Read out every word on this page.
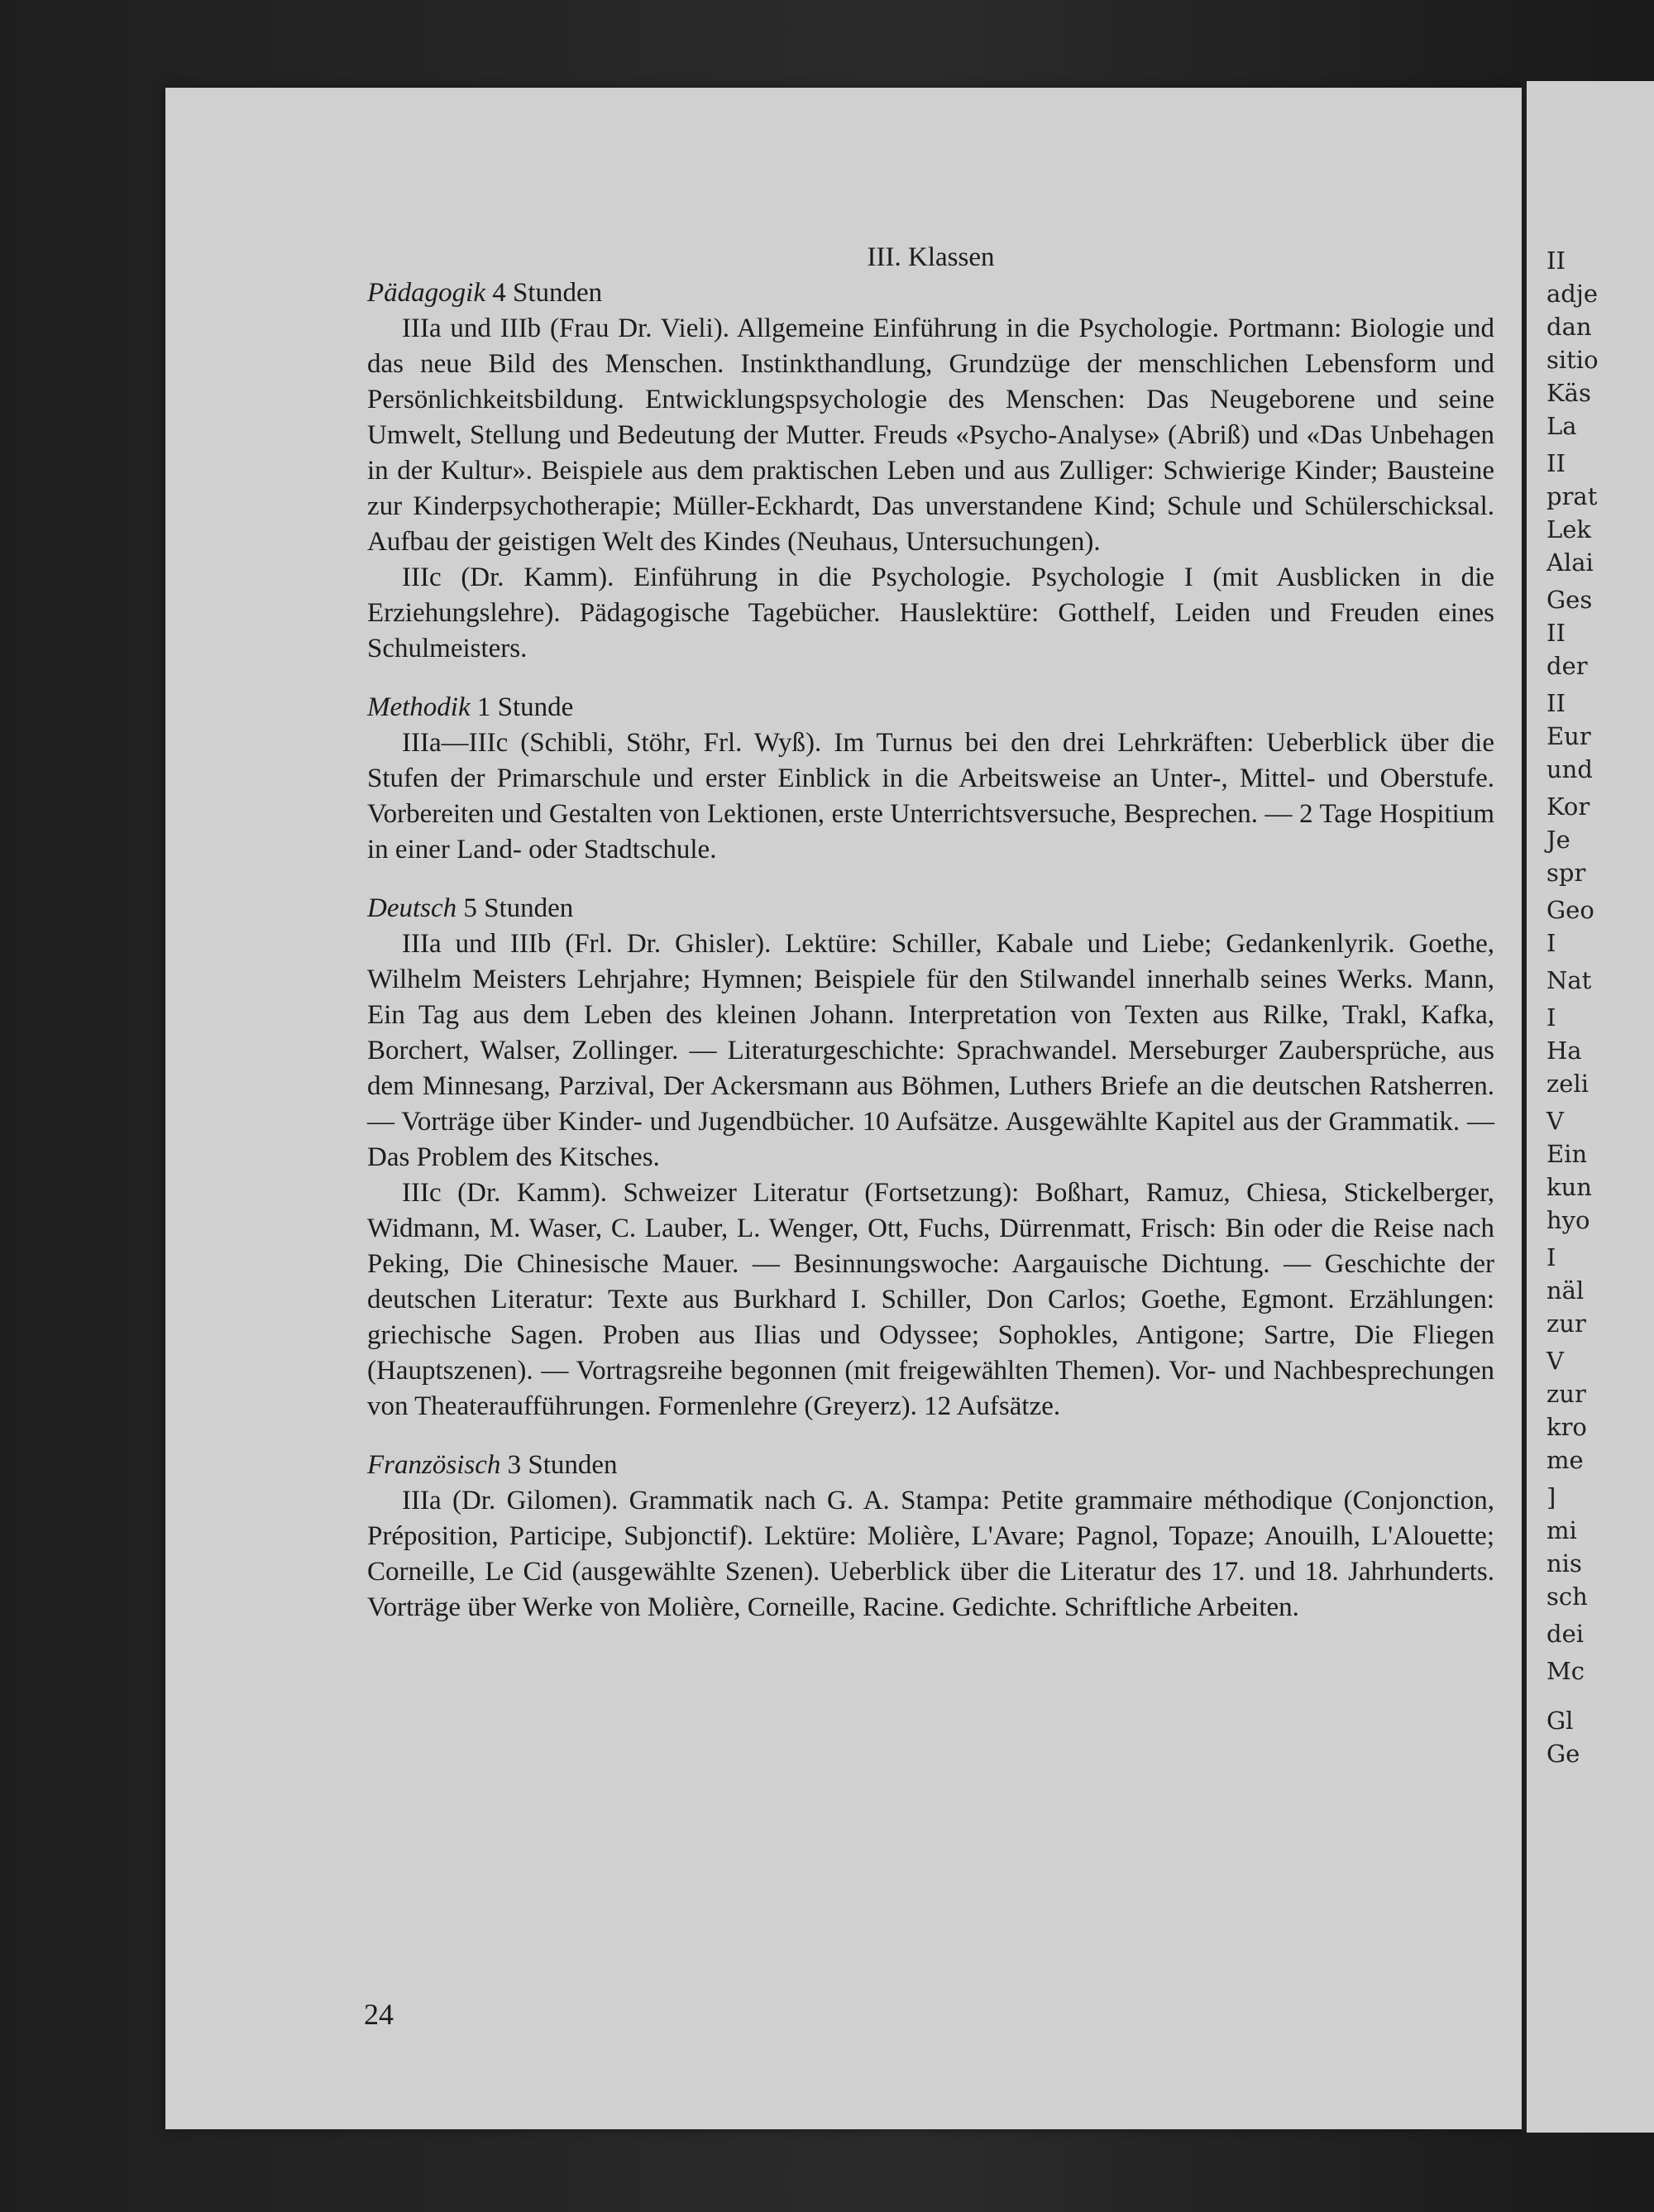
II
adje
dan
sitio
Käs
La
II
prat
Lek
Alai
Ges
II
der
II
Eur
und
Kor
Je
spr
Geo
I
Nat
I
Ha
zeli
V
Ein
kun
hyo
I
näl
zur
V
zur
kro
me
]
mi
nis
sch
dei
Mc
Gl
Ge
III. Klassen

Pädagogik 4 Stunden

IIIa und IIIb (Frau Dr. Vieli). Allgemeine Einführung in die Psychologie. Portmann: Biologie und das neue Bild des Menschen. Instinkthandlung, Grundzüge der menschlichen Lebensform und Persönlichkeitsbildung. Entwicklungspsychologie des Menschen: Das Neugeborene und seine Umwelt, Stellung und Bedeutung der Mutter. Freuds «Psycho-Analyse» (Abriß) und «Das Unbehagen in der Kultur». Beispiele aus dem praktischen Leben und aus Zulliger: Schwierige Kinder; Bausteine zur Kinderpsychotherapie; Müller-Eckhardt, Das unverstandene Kind; Schule und Schülerschicksal. Aufbau der geistigen Welt des Kindes (Neuhaus, Untersuchungen).

IIIc (Dr. Kamm). Einführung in die Psychologie. Psychologie I (mit Ausblicken in die Erziehungslehre). Pädagogische Tagebücher. Hauslektüre: Gotthelf, Leiden und Freuden eines Schulmeisters.

Methodik 1 Stunde

IIIa—IIIc (Schibli, Stöhr, Frl. Wyß). Im Turnus bei den drei Lehrkräften: Ueberblick über die Stufen der Primarschule und erster Einblick in die Arbeitsweise an Unter-, Mittel- und Oberstufe. Vorbereiten und Gestalten von Lektionen, erste Unterrichtsversuche, Besprechen. — 2 Tage Hospitium in einer Land- oder Stadtschule.

Deutsch 5 Stunden

IIIa und IIIb (Frl. Dr. Ghisler). Lektüre: Schiller, Kabale und Liebe; Gedankenlyrik. Goethe, Wilhelm Meisters Lehrjahre; Hymnen; Beispiele für den Stilwandel innerhalb seines Werks. Mann, Ein Tag aus dem Leben des kleinen Johann. Interpretation von Texten aus Rilke, Trakl, Kafka, Borchert, Walser, Zollinger. — Literaturgeschichte: Sprachwandel. Merseburger Zaubersprüche, aus dem Minnesang, Parzival, Der Ackersmann aus Böhmen, Luthers Briefe an die deutschen Ratsherren. — Vorträge über Kinder- und Jugendbücher. 10 Aufsätze. Ausgewählte Kapitel aus der Grammatik. — Das Problem des Kitsches.

IIIc (Dr. Kamm). Schweizer Literatur (Fortsetzung): Boßhart, Ramuz, Chiesa, Stickelberger, Widmann, M. Waser, C. Lauber, L. Wenger, Ott, Fuchs, Dürrenmatt, Frisch: Bin oder die Reise nach Peking, Die Chinesische Mauer. — Besinnungswoche: Aargauische Dichtung. — Geschichte der deutschen Literatur: Texte aus Burkhard I. Schiller, Don Carlos; Goethe, Egmont. Erzählungen: griechische Sagen. Proben aus Ilias und Odyssee; Sophokles, Antigone; Sartre, Die Fliegen (Hauptszenen). — Vortragsreihe begonnen (mit freigewählten Themen). Vor- und Nachbesprechungen von Theateraufführungen. Formenlehre (Greyerz). 12 Aufsätze.

Französisch 3 Stunden

IIIa (Dr. Gilomen). Grammatik nach G. A. Stampa: Petite grammaire méthodique (Conjonction, Préposition, Participe, Subjonctif). Lektüre: Molière, L'Avare; Pagnol, Topaze; Anouilh, L'Alouette; Corneille, Le Cid (ausgewählte Szenen). Ueberblick über die Literatur des 17. und 18. Jahrhunderts. Vorträge über Werke von Molière, Corneille, Racine. Gedichte. Schriftliche Arbeiten.

24
